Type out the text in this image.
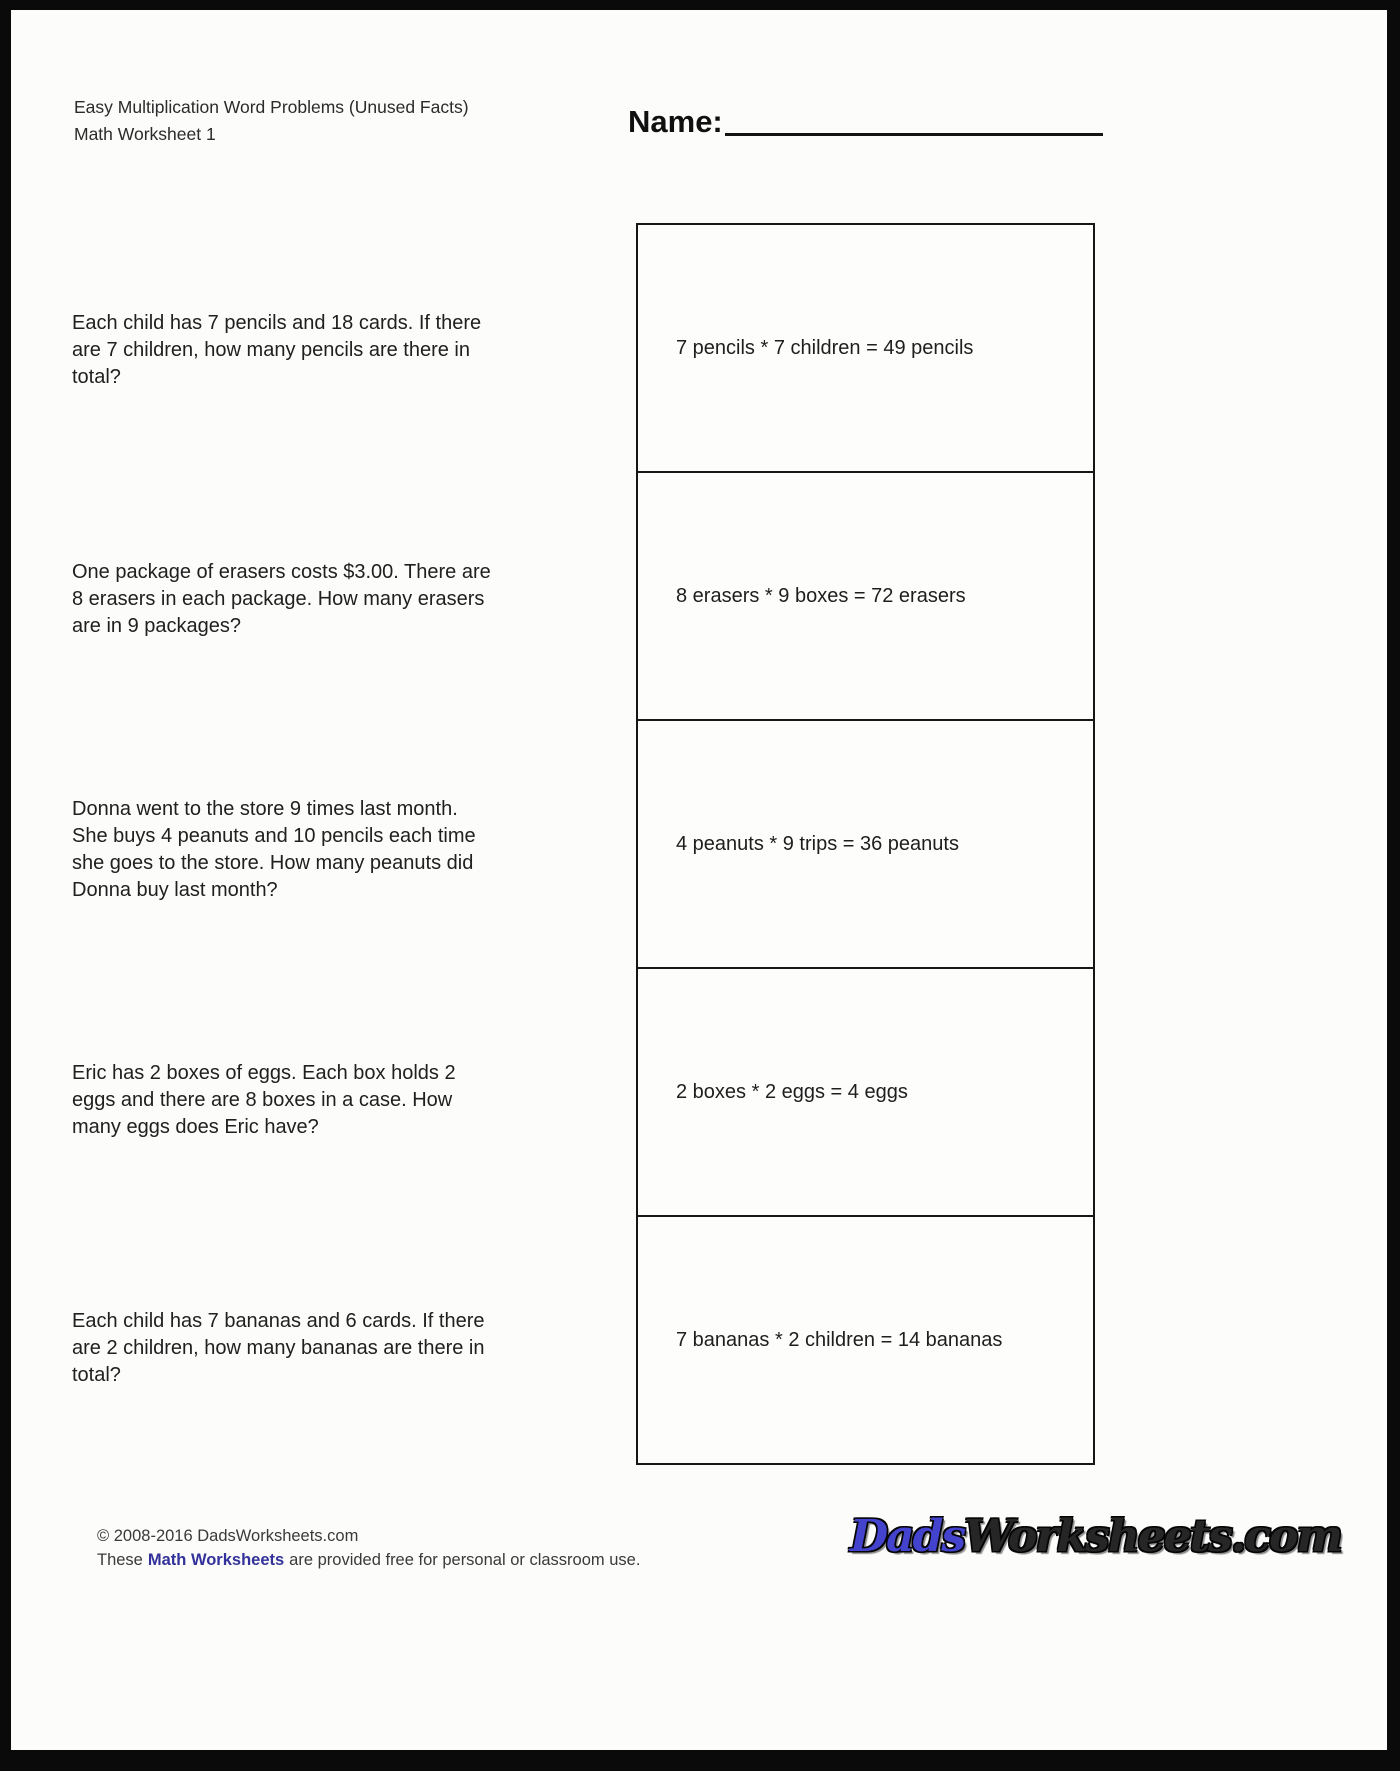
Easy Multiplication Word Problems (Unused Facts)
Math Worksheet 1	Name:
Each child has 7 pencils and 18 cards. If there
are 7 children, how many pencils are there in
total?
One package of erasers costs $3.00. There are
8 erasers in each package. How many erasers
are in 9 packages?
Donna went to the store 9 times last month.
She buys 4 peanuts and 10 pencils each time
she goes to the store. How many peanuts did
Donna buy last month?
Eric has 2 boxes of eggs. Each box holds 2
eggs and there are 8 boxes in a case. How
many eggs does Eric have?
Each child has 7 bananas and 6 cards. If there
are 2 children, how many bananas are there in
total?
7 pencils * 7 children = 49 pencils
8 erasers * 9 boxes = 72 erasers
4 peanuts * 9 trips = 36 peanuts
2 boxes * 2 eggs = 4 eggs
7 bananas * 2 children = 14 bananas
© 2008-2016 DadsWorksheets.com
These Math Worksheets are provided free for personal or classroom use.	DadsWorksheets.com
